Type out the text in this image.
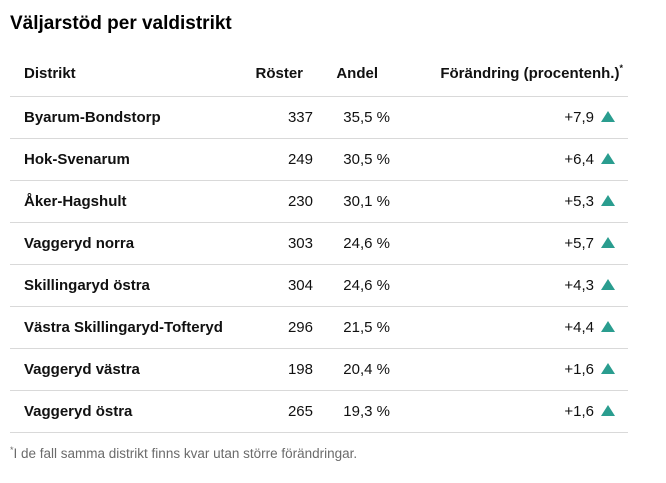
Väljarstöd per valdistrikt
Distrikt	Röster	Andel	Förändring (procentenh.)*
Byarum-Bondstorp	337	35,5 %	+7,9
Hok-Svenarum	249	30,5 %	+6,4
Åker-Hagshult	230	30,1 %	+5,3
Vaggeryd norra	303	24,6 %	+5,7
Skillingaryd östra	304	24,6 %	+4,3
Västra Skillingaryd-Tofteryd	296	21,5 %	+4,4
Vaggeryd västra	198	20,4 %	+1,6
Vaggeryd östra	265	19,3 %	+1,6

*I de fall samma distrikt finns kvar utan större förändringar.
